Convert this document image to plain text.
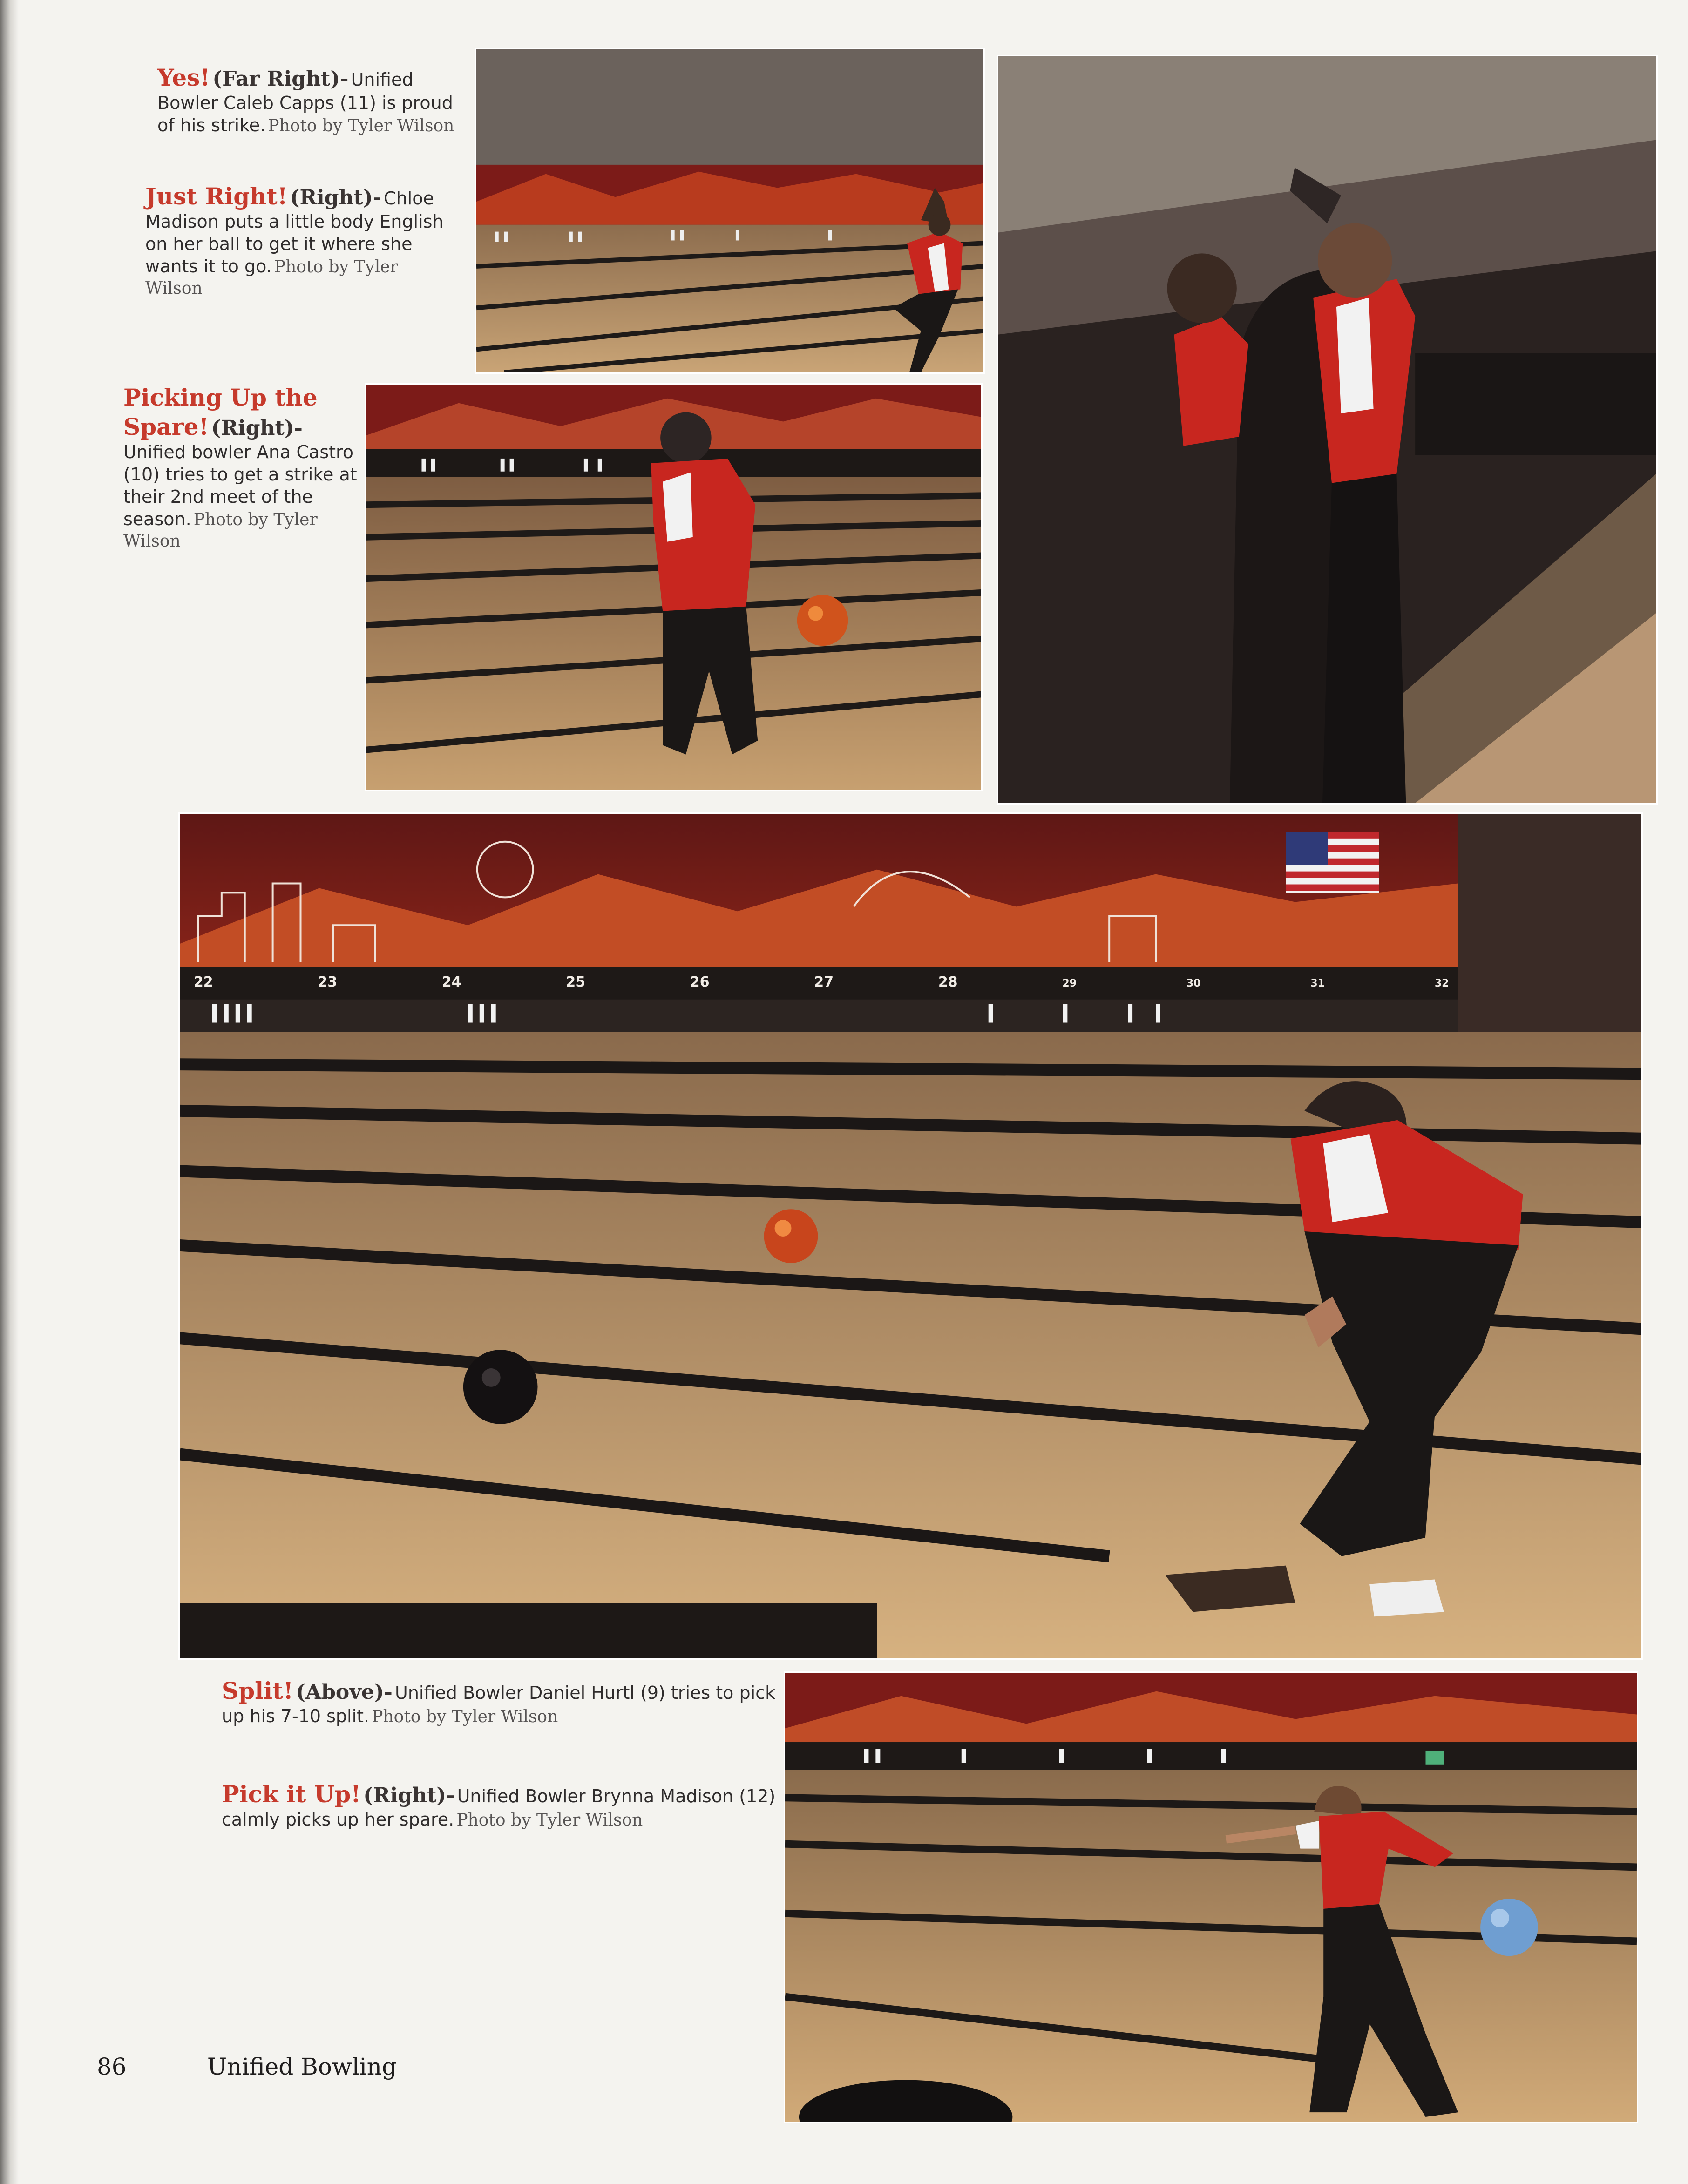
Yes! (Far Right)- Unified Bowler Caleb Capps (11) is proud of his strike. Photo by Tyler Wilson
Just Right! (Right)- Chloe Madison puts a little body English on her ball to get it where she wants it to go. Photo by Tyler Wilson
Picking Up the Spare! (Right)- Unified bowler Ana Castro (10) tries to get a strike at their 2nd meet of the season. Photo by Tyler Wilson
22	23	24	25	26	27	28	29	30	31	32
Split! (Above)- Unified Bowler Daniel Hurtl (9) tries to pick up his 7-10 split. Photo by Tyler Wilson
Pick it Up! (Right)- Unified Bowler Brynna Madison (12) calmly picks up her spare. Photo by Tyler Wilson
86	Unified Bowling
